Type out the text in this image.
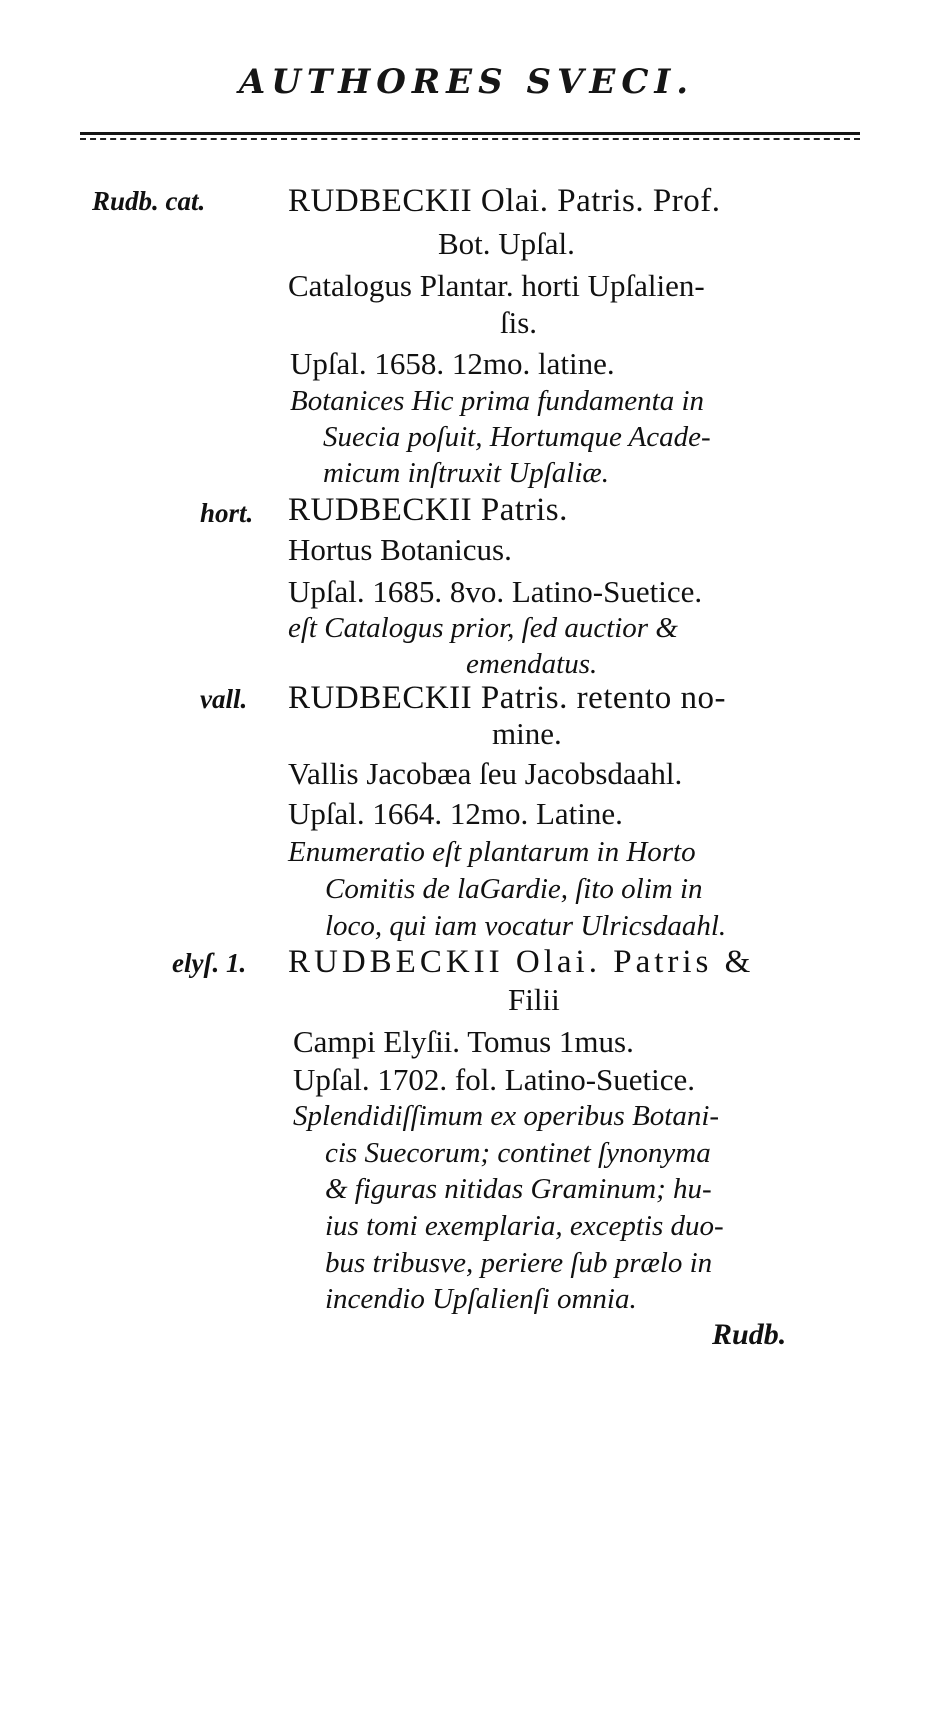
AUTHORES SVECI.
Rudb. cat.	RUDBECKII Olai. Patris. Prof.
Bot. Upſal.
Catalogus Plantar. horti Upſalien-
ſis.
Upſal. 1658. 12mo. latine.
Botanices Hic prima fundamenta in
Suecia poſuit, Hortumque Acade-
micum inſtruxit Upſaliæ.
hort. RUDBECKII Patris.
Hortus Botanicus.
Upſal. 1685. 8vo. Latino-Suetice.
eſt Catalogus prior, ſed auctior &
emendatus.
vall. RUDBECKII Patris. retento no-
mine.
Vallis Jacobæa ſeu Jacobsdaahl.
Upſal. 1664. 12mo. Latine.
Enumeratio eſt plantarum in Horto
Comitis de laGardie, ſito olim in
loco, qui iam vocatur Ulricsdaahl.
elyſ. 1. RUDBECKII Olai. Patris &
Filii
Campi Elyſii. Tomus 1mus.
Upſal. 1702. fol. Latino-Suetice.
Splendidiſſimum ex operibus Botani-
cis Suecorum; continet ſynonyma
& figuras nitidas Graminum; hu-
ius tomi exemplaria, exceptis duo-
bus tribusve, periere ſub prælo in
incendio Upſalienſi omnia.
Rudb.
